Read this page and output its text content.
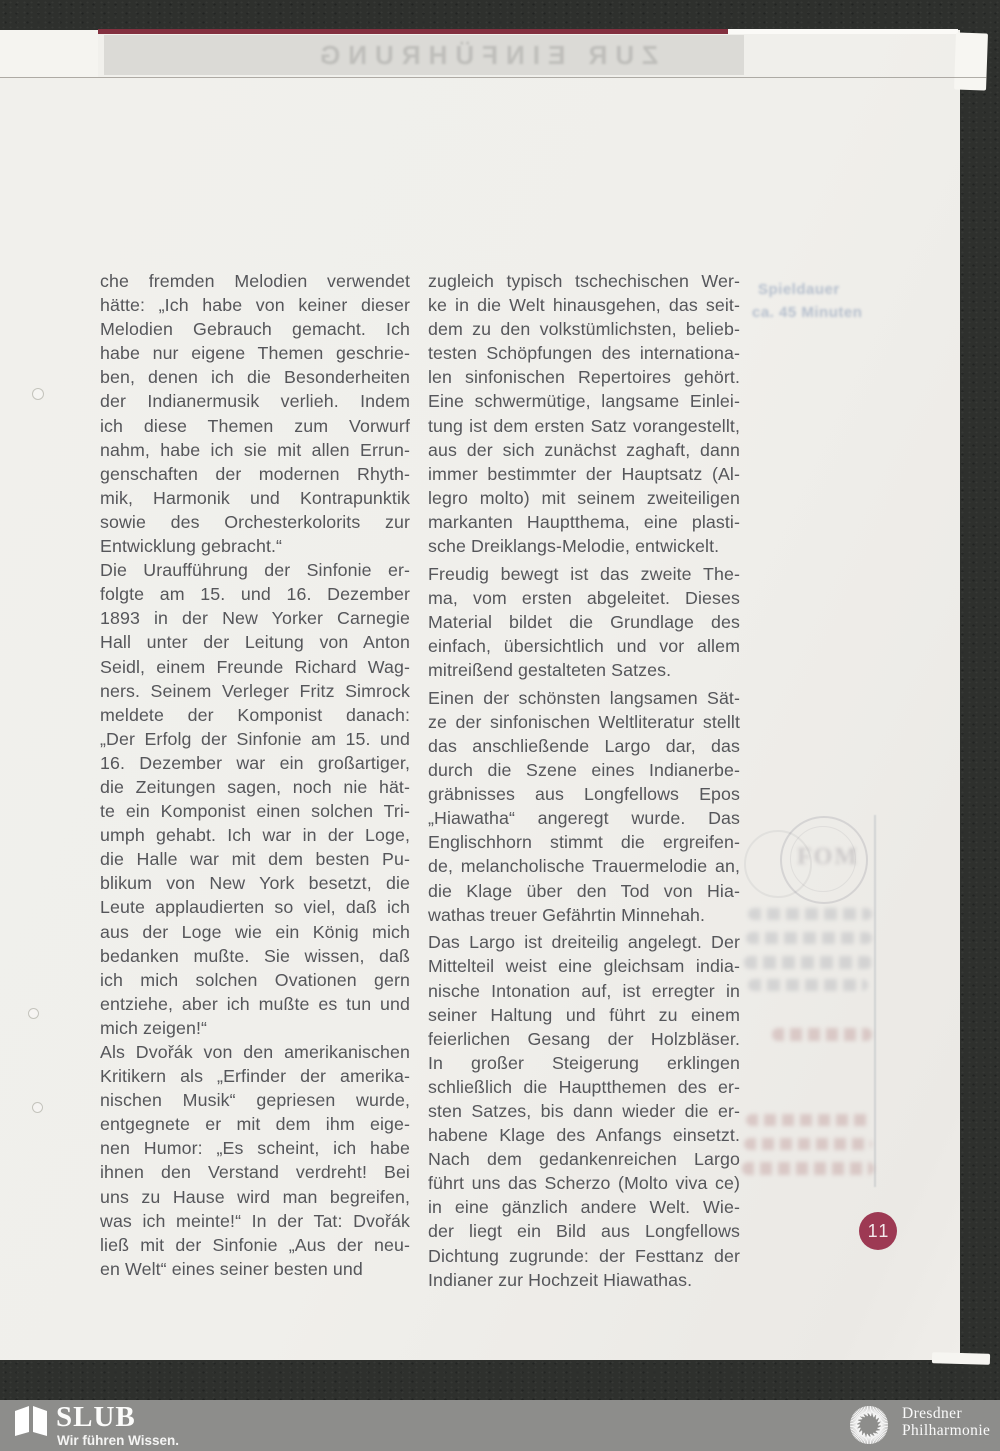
ZUR EINFÜHRUNG
che fremden Melodien verwendet
hätte: „Ich habe von keiner dieser
Melodien Gebrauch gemacht. Ich
habe nur eigene Themen geschrie-
ben, denen ich die Besonderheiten
der Indianermusik verlieh. Indem
ich diese Themen zum Vorwurf
nahm, habe ich sie mit allen Errun-
genschaften der modernen Rhyth-
mik, Harmonik und Kontrapunktik
sowie des Orchesterkolorits zur
Entwicklung gebracht.“
Die Uraufführung der Sinfonie er-
folgte am 15. und 16. Dezember
1893 in der New Yorker Carnegie
Hall unter der Leitung von Anton
Seidl, einem Freunde Richard Wag-
ners. Seinem Verleger Fritz Simrock
meldete der Komponist danach:
„Der Erfolg der Sinfonie am 15. und
16. Dezember war ein großartiger,
die Zeitungen sagen, noch nie hät-
te ein Komponist einen solchen Tri-
umph gehabt. Ich war in der Loge,
die Halle war mit dem besten Pu-
blikum von New York besetzt, die
Leute applaudierten so viel, daß ich
aus der Loge wie ein König mich
bedanken mußte. Sie wissen, daß
ich mich solchen Ovationen gern
entziehe, aber ich mußte es tun und
mich zeigen!“
Als Dvořák von den amerikanischen
Kritikern als „Erfinder der amerika-
nischen Musik“ gepriesen wurde,
entgegnete er mit dem ihm eige-
nen Humor: „Es scheint, ich habe
ihnen den Verstand verdreht! Bei
uns zu Hause wird man begreifen,
was ich meinte!“ In der Tat: Dvořák
ließ mit der Sinfonie „Aus der neu-
en Welt“ eines seiner besten und
zugleich typisch tschechischen Wer-
ke in die Welt hinausgehen, das seit-
dem zu den volkstümlichsten, belieb-
testen Schöpfungen des internationa-
len sinfonischen Repertoires gehört.
Eine schwermütige, langsame Einlei-
tung ist dem ersten Satz vorangestellt,
aus der sich zunächst zaghaft, dann
immer bestimmter der Hauptsatz (Al-
legro molto) mit seinem zweiteiligen
markanten Hauptthema, eine plasti-
sche Dreiklangs-Melodie, entwickelt.
Freudig bewegt ist das zweite The-
ma, vom ersten abgeleitet. Dieses
Material bildet die Grundlage des
einfach, übersichtlich und vor allem
mitreißend gestalteten Satzes.
Einen der schönsten langsamen Sät-
ze der sinfonischen Weltliteratur stellt
das anschließende Largo dar, das
durch die Szene eines Indianerbe-
gräbnisses aus Longfellows Epos
„Hiawatha“ angeregt wurde. Das
Englischhorn stimmt die ergreifen-
de, melancholische Trauermelodie an,
die Klage über den Tod von Hia-
wathas treuer Gefährtin Minnehah.
Das Largo ist dreiteilig angelegt. Der
Mittelteil weist eine gleichsam india-
nische Intonation auf, ist erregter in
seiner Haltung und führt zu einem
feierlichen Gesang der Holzbläser.
In großer Steigerung erklingen
schließlich die Hauptthemen des er-
sten Satzes, bis dann wieder die er-
habene Klage des Anfangs einsetzt.
Nach dem gedankenreichen Largo
führt uns das Scherzo (Molto viva ce)
in eine gänzlich andere Welt. Wie-
der liegt ein Bild aus Longfellows
Dichtung zugrunde: der Festtanz der
Indianer zur Hochzeit Hiawathas.
Spieldauer
ca. 45 Minuten
FOM
11
SLUB
Wir führen Wissen.
Dresdner
Philharmonie
